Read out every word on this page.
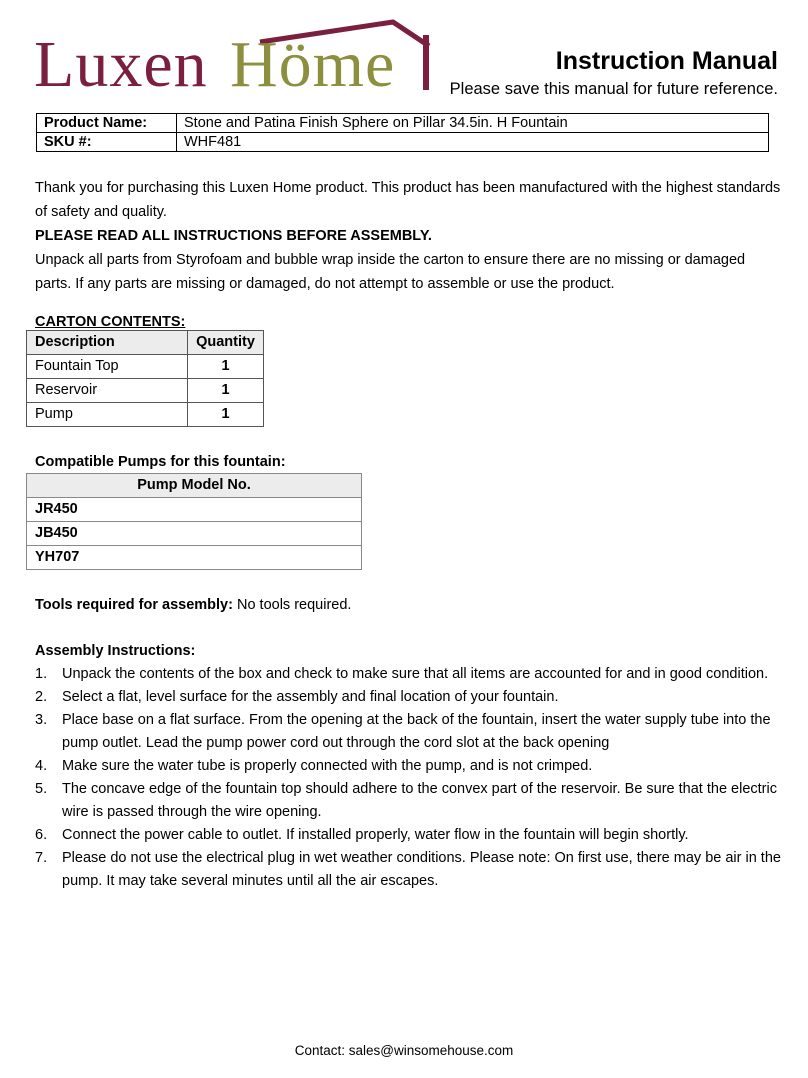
Luxen Höme	Instruction Manual
Please save this manual for future reference.
Product Name:	Stone and Patina Finish Sphere on Pillar 34.5in. H Fountain
SKU #:	WHF481

Thank you for purchasing this Luxen Home product. This product has been manufactured with the highest standards of safety and quality.

PLEASE READ ALL INSTRUCTIONS BEFORE ASSEMBLY.

Unpack all parts from Styrofoam and bubble wrap inside the carton to ensure there are no missing or damaged parts. If any parts are missing or damaged, do not attempt to assemble or use the product.

CARTON CONTENTS:

Description	Quantity
Fountain Top	1
Reservoir	1
Pump	1

Compatible Pumps for this fountain:

Pump Model No.
JR450
JB450
YH707

Tools required for assembly: No tools required.

Assembly Instructions:

1. Unpack the contents of the box and check to make sure that all items are accounted for and in good condition.
2. Select a flat, level surface for the assembly and final location of your fountain.
3. Place base on a flat surface. From the opening at the back of the fountain, insert the water supply tube into the pump outlet. Lead the pump power cord out through the cord slot at the back opening
4. Make sure the water tube is properly connected with the pump, and is not crimped.
5. The concave edge of the fountain top should adhere to the convex part of the reservoir. Be sure that the electric wire is passed through the wire opening.
6. Connect the power cable to outlet. If installed properly, water flow in the fountain will begin shortly.
7. Please do not use the electrical plug in wet weather conditions. Please note: On first use, there may be air in the pump. It may take several minutes until all the air escapes.
Contact: sales@winsomehouse.com
